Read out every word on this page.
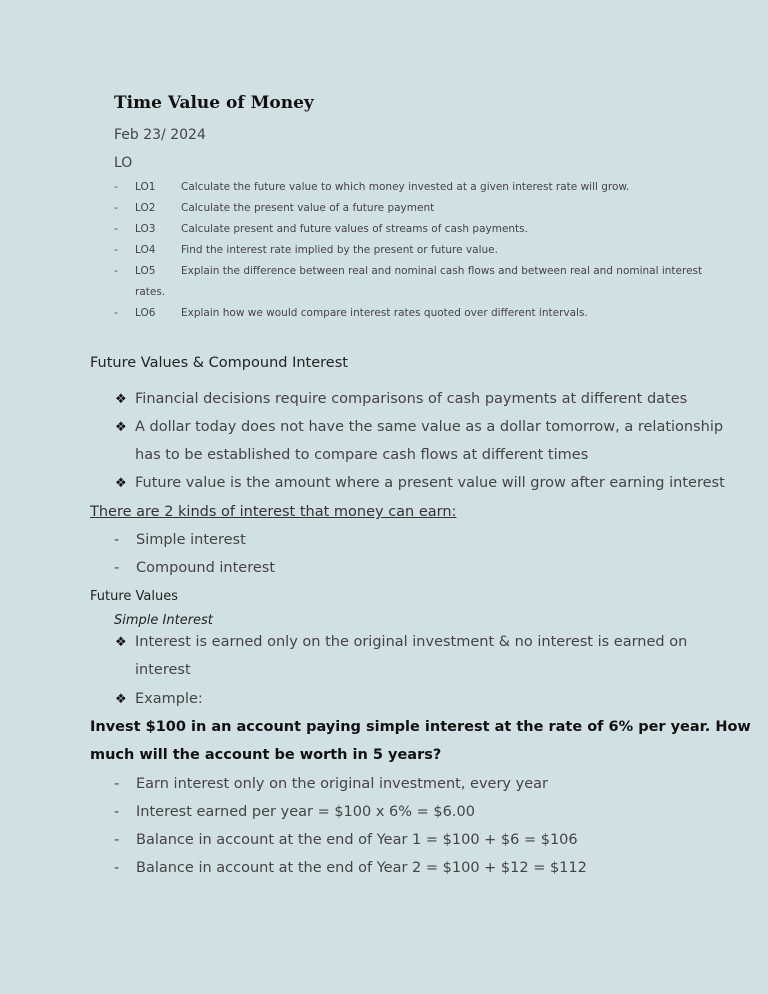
Time Value of Money
Feb 23/ 2024
LO
- LO1 Calculate the future value to which money invested at a given interest rate will grow.
- LO2 Calculate the present value of a future payment
- LO3 Calculate present and future values of streams of cash payments.
- LO4 Find the interest rate implied by the present or future value.
- LO5 Explain the difference between real and nominal cash flows and between real and nominal interest
rates.
- LO6 Explain how we would compare interest rates quoted over different intervals.
Future Values & Compound Interest
❖ Financial decisions require comparisons of cash payments at different dates
❖ A dollar today does not have the same value as a dollar tomorrow, a relationship
has to be established to compare cash flows at different times
❖ Future value is the amount where a present value will grow after earning interest
There are 2 kinds of interest that money can earn:
- Simple interest
- Compound interest
Future Values
Simple Interest
❖ Interest is earned only on the original investment & no interest is earned on
interest
❖ Example:
Invest $100 in an account paying simple interest at the rate of 6% per year. How
much will the account be worth in 5 years?
- Earn interest only on the original investment, every year
- Interest earned per year = $100 x 6% = $6.00
- Balance in account at the end of Year 1 = $100 + $6 = $106
- Balance in account at the end of Year 2 = $100 + $12 = $112
